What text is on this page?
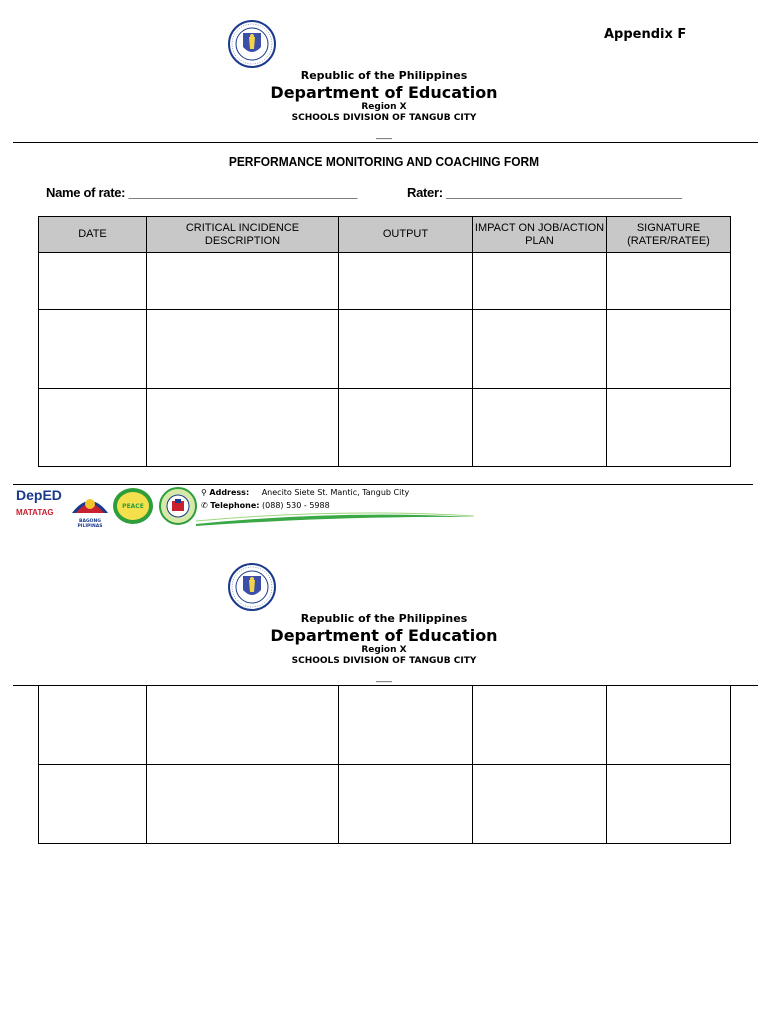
Appendix F
Republic of the Philippines
Department of Education
Region X
SCHOOLS DIVISION OF TANGUB CITY
____
PERFORMANCE MONITORING AND COACHING FORM
Name of rate: _________________________________	Rater: __________________________________
DATE	CRITICAL INCIDENCE DESCRIPTION	OUTPUT	IMPACT ON JOB/ACTION PLAN	SIGNATURE (RATER/RATEE)

DepED
MATATAG
BAGONG PILIPINAS
PEACE
⚲ Address: Anecito Siete St. Mantic, Tangub City
✆ Telephone: (088) 530 - 5988
Republic of the Philippines
Department of Education
Region X
SCHOOLS DIVISION OF TANGUB CITY
____
